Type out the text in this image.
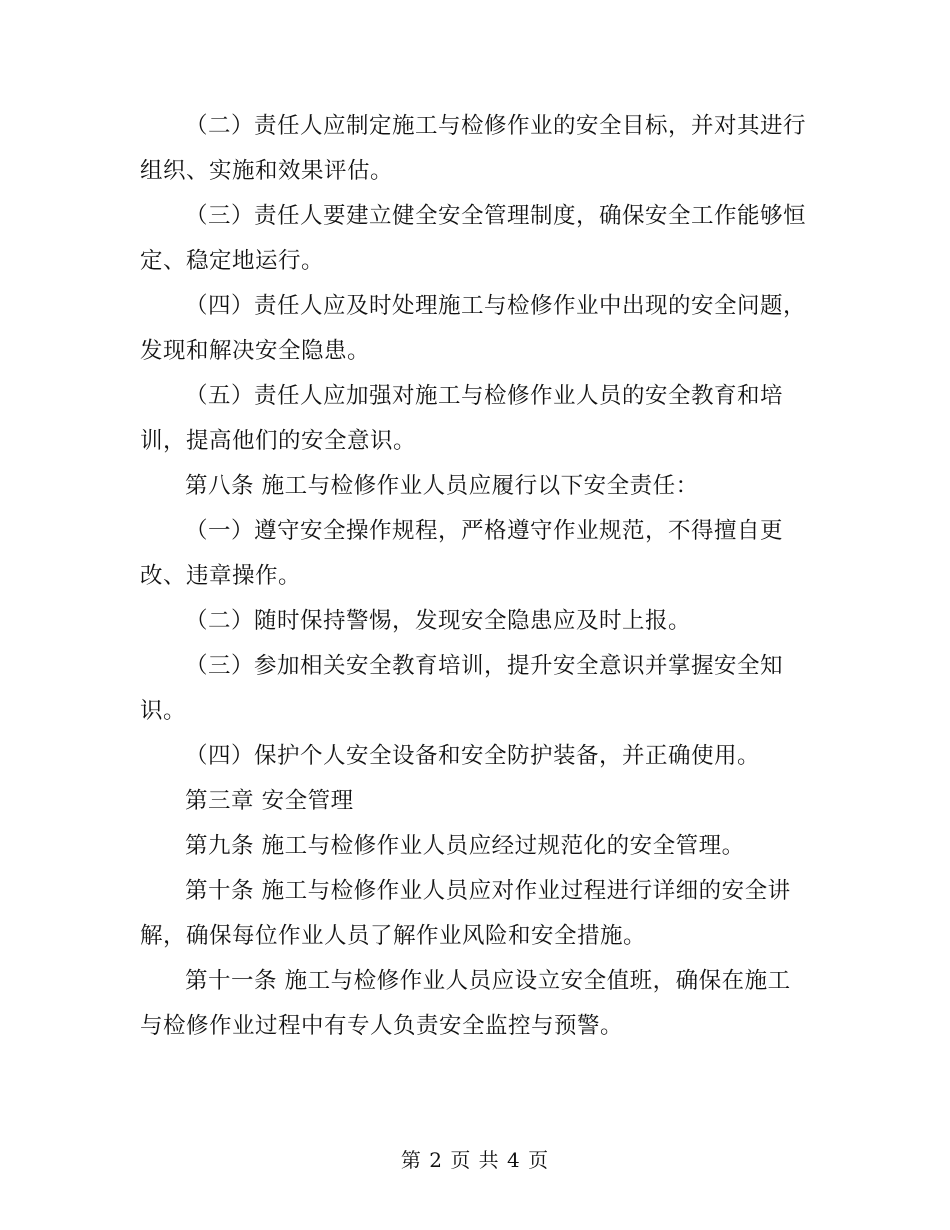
（二）责任人应制定施工与检修作业的安全目标，并对其进行组织、实施和效果评估。

（三）责任人要建立健全安全管理制度，确保安全工作能够恒定、稳定地运行。

（四）责任人应及时处理施工与检修作业中出现的安全问题，发现和解决安全隐患。

（五）责任人应加强对施工与检修作业人员的安全教育和培训，提高他们的安全意识。

第八条 施工与检修作业人员应履行以下安全责任：

（一）遵守安全操作规程，严格遵守作业规范，不得擅自更改、违章操作。

（二）随时保持警惕，发现安全隐患应及时上报。

（三）参加相关安全教育培训，提升安全意识并掌握安全知识。

（四）保护个人安全设备和安全防护装备，并正确使用。

第三章 安全管理

第九条 施工与检修作业人员应经过规范化的安全管理。

第十条 施工与检修作业人员应对作业过程进行详细的安全讲解，确保每位作业人员了解作业风险和安全措施。

第十一条 施工与检修作业人员应设立安全值班，确保在施工与检修作业过程中有专人负责安全监控与预警。

第 2 页 共 4 页
